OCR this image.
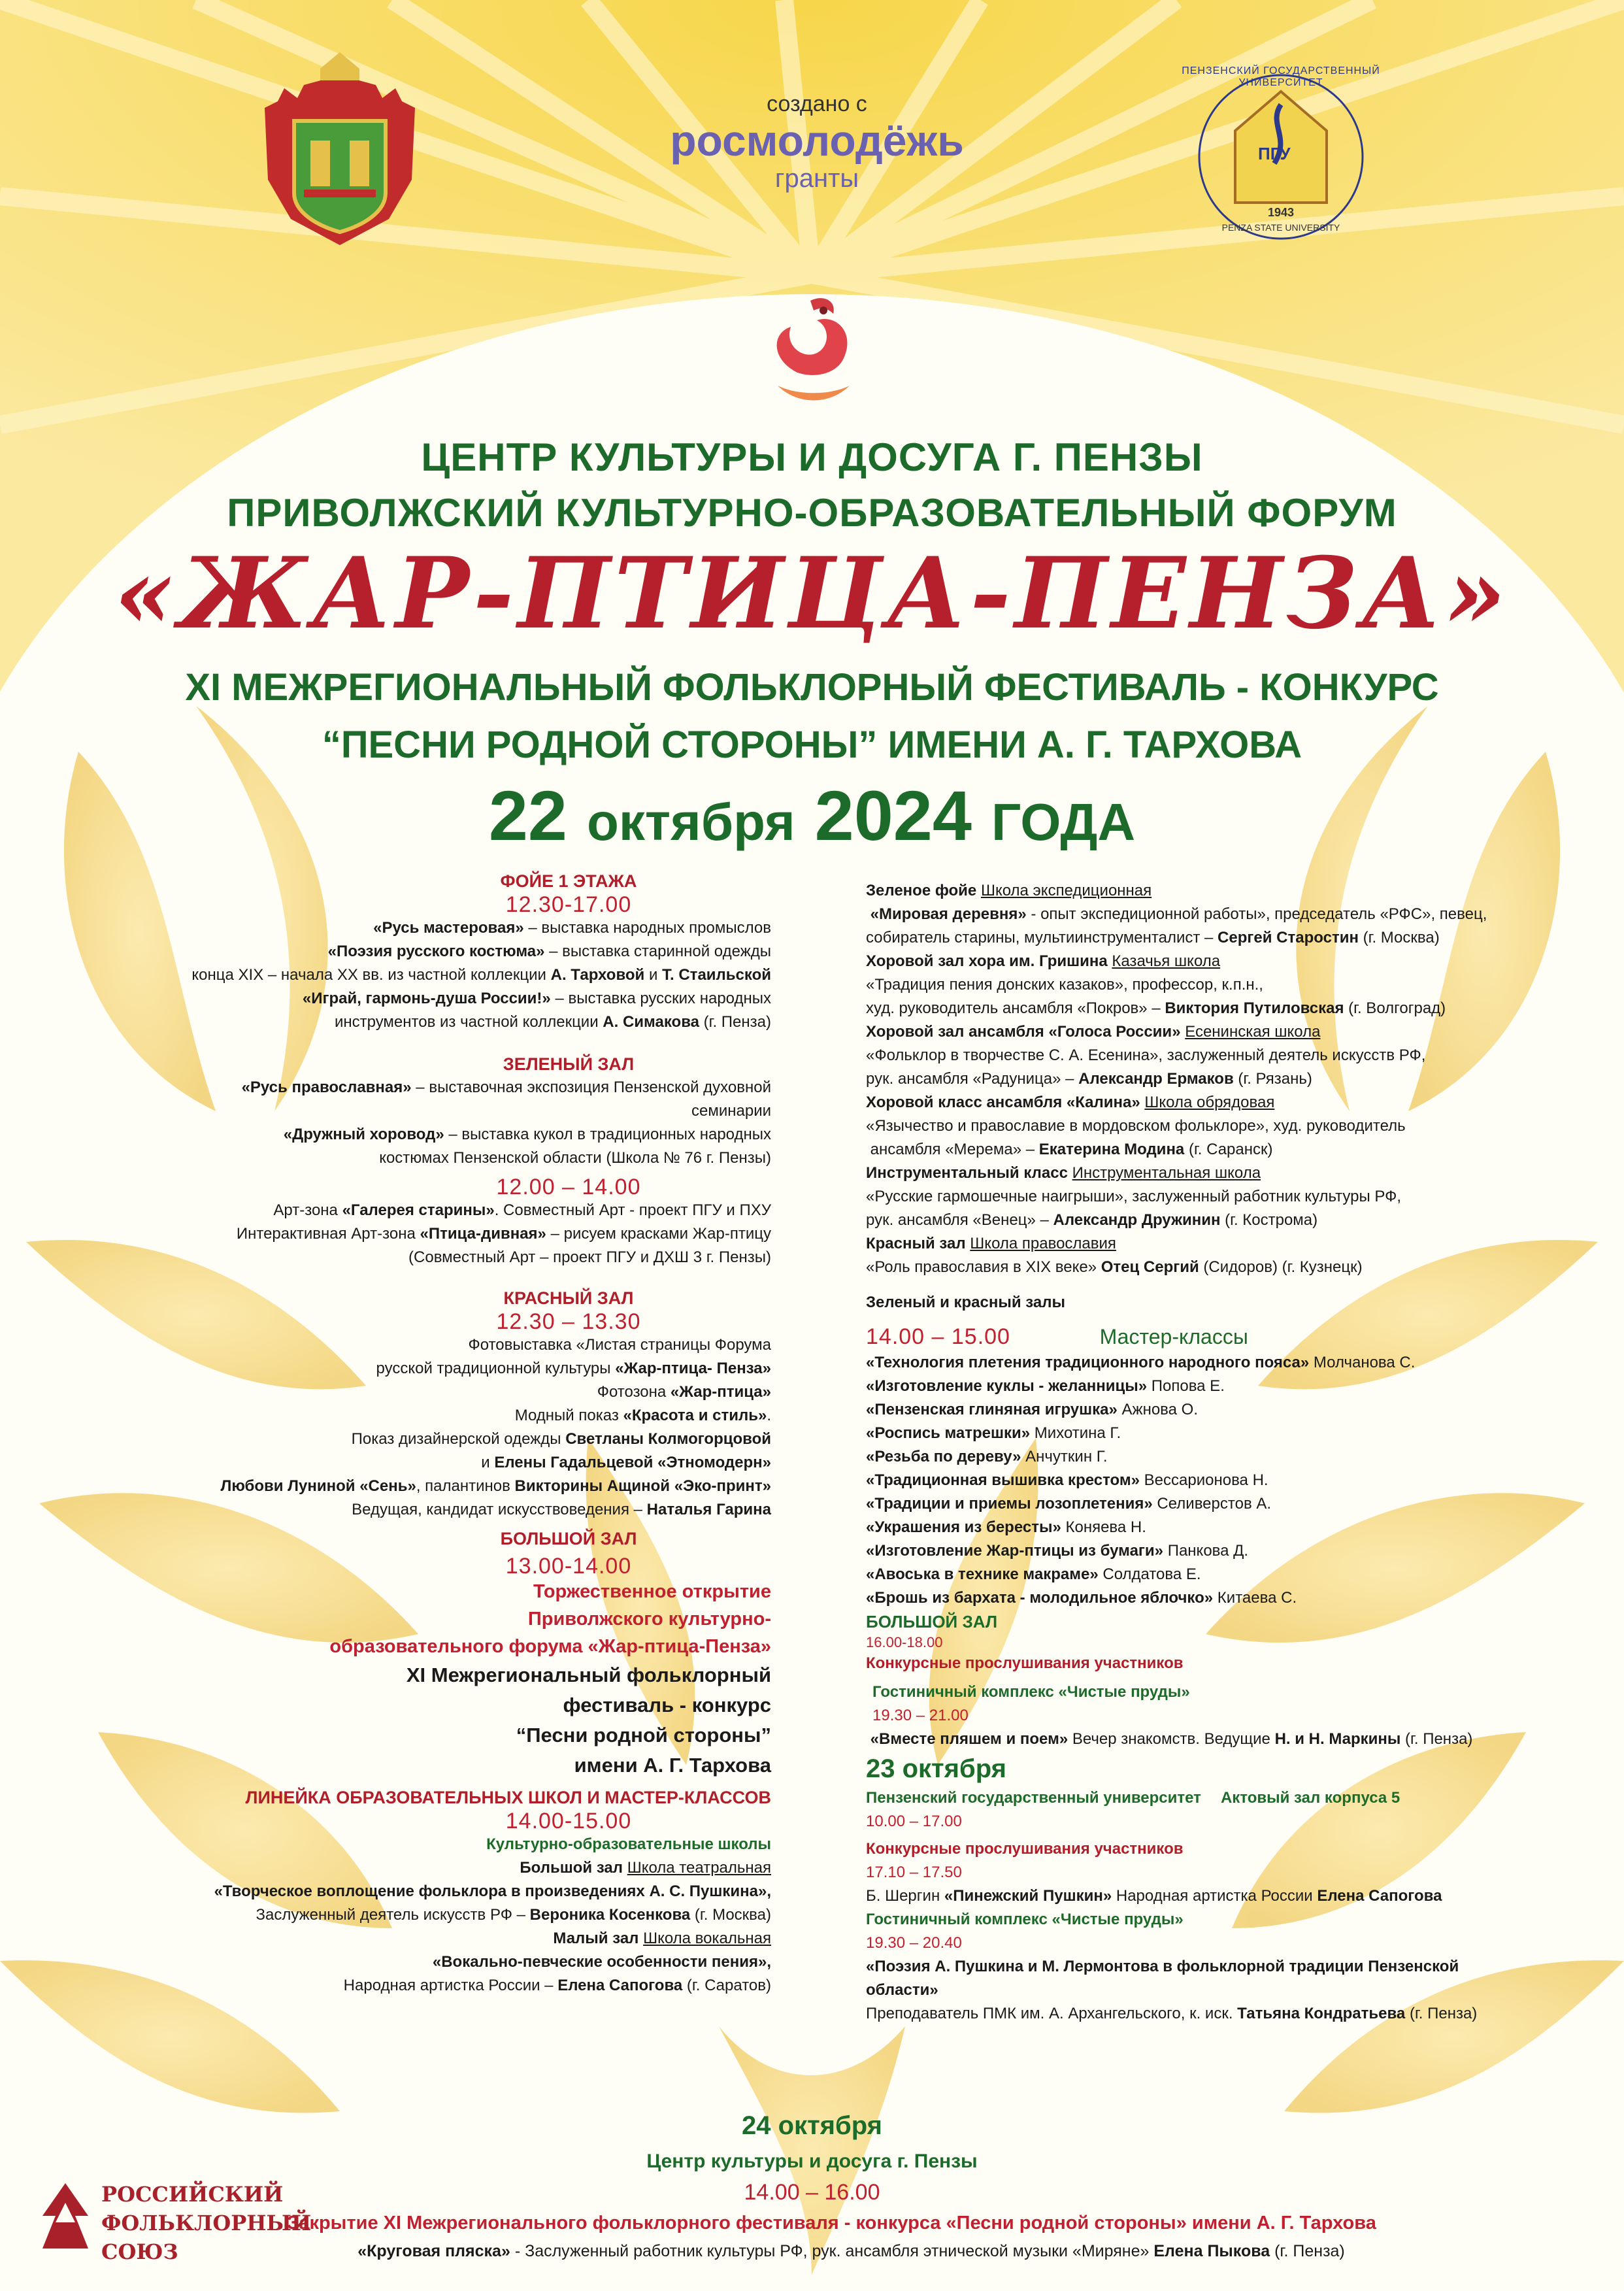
создано с
росмолодёжь
гранты
ПГУ
ПЕНЗЕНСКИЙ ГОСУДАРСТВЕННЫЙ УНИВЕРСИТЕТ
1943
PENZA STATE UNIVERSITY
ЦЕНТР КУЛЬТУРЫ И ДОСУГА Г. ПЕНЗЫ
ПРИВОЛЖСКИЙ КУЛЬТУРНО-ОБРАЗОВАТЕЛЬНЫЙ ФОРУМ
«ЖАР-ПТИЦА-ПЕНЗА»
XI МЕЖРЕГИОНАЛЬНЫЙ ФОЛЬКЛОРНЫЙ ФЕСТИВАЛЬ - КОНКУРС
“ПЕСНИ РОДНОЙ СТОРОНЫ” ИМЕНИ А. Г. ТАРХОВА
22 октября 2024 ГОДА
ФОЙЕ 1 ЭТАЖА
12.30-17.00
«Русь мастеровая» – выставка народных промыслов
«Поэзия русского костюма» – выставка старинной одежды
конца XIX – начала XX вв. из частной коллекции А. Тарховой и Т. Стаильской
«Играй, гармонь-душа России!» – выставка русских народных
инструментов из частной коллекции А. Симакова (г. Пенза)
ЗЕЛЕНЫЙ ЗАЛ
«Русь православная» – выставочная экспозиция Пензенской духовной семинарии
«Дружный хоровод» – выставка кукол в традиционных народных
костюмах Пензенской области (Школа № 76 г. Пензы)
12.00 – 14.00
Арт-зона «Галерея старины». Совместный Арт - проект ПГУ и ПХУ
Интерактивная Арт-зона «Птица-дивная» – рисуем красками Жар-птицу
(Совместный Арт – проект ПГУ и ДХШ 3 г. Пензы)
КРАСНЫЙ ЗАЛ
12.30 – 13.30
Фотовыставка «Листая страницы Форума
русской традиционной культуры «Жар-птица- Пенза»
Фотозона «Жар-птица»
Модный показ «Красота и стиль».
Показ дизайнерской одежды Светланы Колмогорцовой
и Елены Гадальцевой «Этномодерн»
Любови Луниной «Сень», палантинов Викторины Ащиной «Эко-принт»
Ведущая, кандидат искусствоведения – Наталья Гарина
БОЛЬШОЙ ЗАЛ
13.00-14.00
Торжественное открытие
Приволжского культурно-
образовательного форума «Жар-птица-Пенза»
XI Межрегиональный фольклорный
фестиваль - конкурс
“Песни родной стороны”
имени А. Г. Тархова
ЛИНЕЙКА ОБРАЗОВАТЕЛЬНЫХ ШКОЛ И МАСТЕР-КЛАССОВ
14.00-15.00
Культурно-образовательные школы
Большой зал Школа театральная
«Творческое воплощение фольклора в произведениях А. С. Пушкина»,
Заслуженный деятель искусств РФ – Вероника Косенкова (г. Москва)
Малый зал Школа вокальная
«Вокально-певческие особенности пения»,
Народная артистка России – Елена Сапогова (г. Саратов)
Зеленое фойе Школа экспедиционная
«Мировая деревня» - опыт экспедиционной работы», председатель «РФС», певец,
собиратель старины, мультиинструменталист – Сергей Старостин (г. Москва)
Хоровой зал хора им. Гришина Казачья школа
«Традиция пения донских казаков», профессор, к.п.н.,
худ. руководитель ансамбля «Покров» – Виктория Путиловская (г. Волгоград)
Хоровой зал ансамбля «Голоса России» Есенинская школа
«Фольклор в творчестве С. А. Есенина», заслуженный деятель искусств РФ,
рук. ансамбля «Радуница» – Александр Ермаков (г. Рязань)
Хоровой класс ансамбля «Калина» Школа обрядовая
«Язычество и православие в мордовском фольклоре», худ. руководитель
ансамбля «Мерема» – Екатерина Модина (г. Саранск)
Инструментальный класс Инструментальная школа
«Русские гармошечные наигрыши», заслуженный работник культуры РФ,
рук. ансамбля «Венец» – Александр Дружинин (г. Кострома)
Красный зал Школа православия
«Роль православия в XIX веке» Отец Сергий (Сидоров) (г. Кузнецк)
Зеленый и красный залы
14.00 – 15.00	Мастер-классы
«Технология плетения традиционного народного пояса» Молчанова С.
«Изготовление куклы - желанницы» Попова Е.
«Пензенская глиняная игрушка» Ажнова О.
«Роспись матрешки» Михотина Г.
«Резьба по дереву» Анчуткин Г.
«Традиционная вышивка крестом» Вессарионова Н.
«Традиции и приемы лозоплетения» Селиверстов А.
«Украшения из бересты» Коняева Н.
«Изготовление Жар-птицы из бумаги» Панкова Д.
«Авоська в технике макраме» Солдатова Е.
«Брошь из бархата - молодильное яблочко» Китаева С.
БОЛЬШОЙ ЗАЛ
16.00-18.00
Конкурсные прослушивания участников
Гостиничный комплекс «Чистые пруды»
19.30 – 21.00
«Вместе пляшем и поем» Вечер знакомств. Ведущие Н. и Н. Маркины (г. Пенза)
23 октября
Пензенский государственный университет Актовый зал корпуса 5
10.00 – 17.00
Конкурсные прослушивания участников
17.10 – 17.50
Б. Шергин «Пинежский Пушкин» Народная артистка России Елена Сапогова
Гостиничный комплекс «Чистые пруды»
19.30 – 20.40
«Поэзия А. Пушкина и М. Лермонтова в фольклорной традиции Пензенской области»
Преподаватель ПМК им. А. Архангельского, к. иск. Татьяна Кондратьева (г. Пенза)
24 октября
Центр культуры и досуга г. Пензы
14.00 – 16.00
Закрытие XI Межрегионального фольклорного фестиваля - конкурса «Песни родной стороны» имени А. Г. Тархова
«Круговая пляска» - Заслуженный работник культуры РФ, рук. ансамбля этнической музыки «Миряне» Елена Пыкова (г. Пенза)
РОССИЙСКИЙ
ФОЛЬКЛОРНЫЙ
СОЮЗ
